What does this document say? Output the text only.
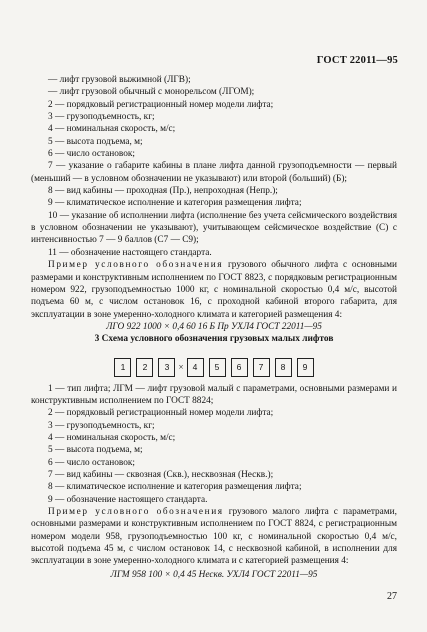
ГОСТ 22011—95

— лифт грузовой выжимной (ЛГВ);

— лифт грузовой обычный с монорельсом (ЛГОМ);

2 — порядковый регистрационный номер модели лифта;

3 — грузоподъемность, кг;

4 — номинальная скорость, м/с;

5 — высота подъема, м;

6 — число остановок;

7 — указание о габарите кабины в плане лифта данной грузоподъемности — первый (меньший — в условном обозначении не указывают) или второй (больший) (Б);

8 — вид кабины — проходная (Пр.), непроходная (Непр.);

9 — климатическое исполнение и категория размещения лифта;

10 — указание об исполнении лифта (исполнение без учета сейсмического воздействия в условном обозначении не указывают), учитывающем сейсмическое воздействие (С) с интенсивностью 7 — 9 баллов (С7 — С9);

11 — обозначение настоящего стандарта.

Пример условного обозначения грузового обычного лифта с основными размерами и конструктивным исполнением по ГОСТ 8823, с порядковым регистрационным номером 922, грузоподъемностью 1000 кг, с номинальной скоростью 0,4 м/с, высотой подъема 60 м, с числом остановок 16, с проходной кабиной второго габарита, для эксплуатации в зоне умеренно-холодного климата и категорией размещения 4:

ЛГО 922 1000 × 0,4 60 16 Б Пр УХЛ4 ГОСТ 22011—95

3 Схема условного обозначения грузовых малых лифтов

1	2	3	×	4	5	6	7	8	9

1 — тип лифта; ЛГМ — лифт грузовой малый с параметрами, основными размерами и конструктивным исполнением по ГОСТ 8824;

2 — порядковый регистрационный номер модели лифта;

3 — грузоподъемность, кг;

4 — номинальная скорость, м/с;

5 — высота подъема, м;

6 — число остановок;

7 — вид кабины — сквозная (Скв.), несквозная (Нескв.);

8 — климатическое исполнение и категория размещения лифта;

9 — обозначение настоящего стандарта.

Пример условного обозначения грузового малого лифта с параметрами, основными размерами и конструктивным исполнением по ГОСТ 8824, с регистрационным номером модели 958, грузоподъемностью 100 кг, с номинальной скоростью 0,4 м/с, высотой подъема 45 м, с числом остановок 14, с несквозной кабиной, в исполнении для эксплуатации в зоне умеренно-холодного климата и с категорией размещения 4:

ЛГМ 958 100 × 0,4 45 Нескв. УХЛ4 ГОСТ 22011—95

27
